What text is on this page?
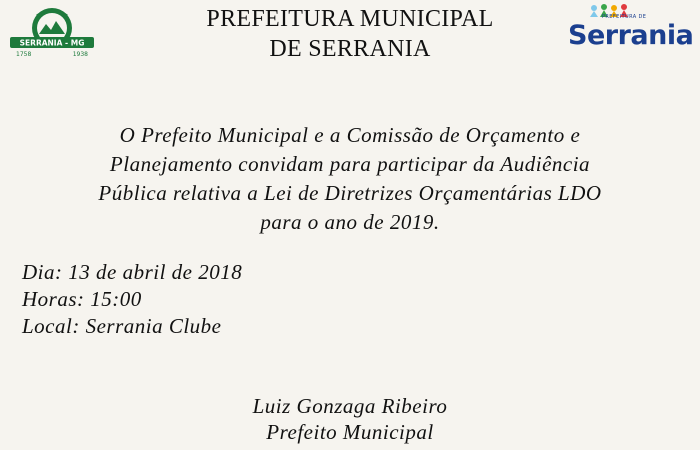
SERRANIA - MG
1758	1938
PREFEITURA MUNICIPAL
DE SERRANIA
PREFEITURA DE
Serrania
O Prefeito Municipal e a Comissão de Orçamento e
Planejamento convidam para participar da Audiência
Pública relativa a Lei de Diretrizes Orçamentárias LDO
para o ano de 2019.
Dia: 13 de abril de 2018
Horas: 15:00
Local: Serrania Clube
Luiz Gonzaga Ribeiro
Prefeito Municipal
